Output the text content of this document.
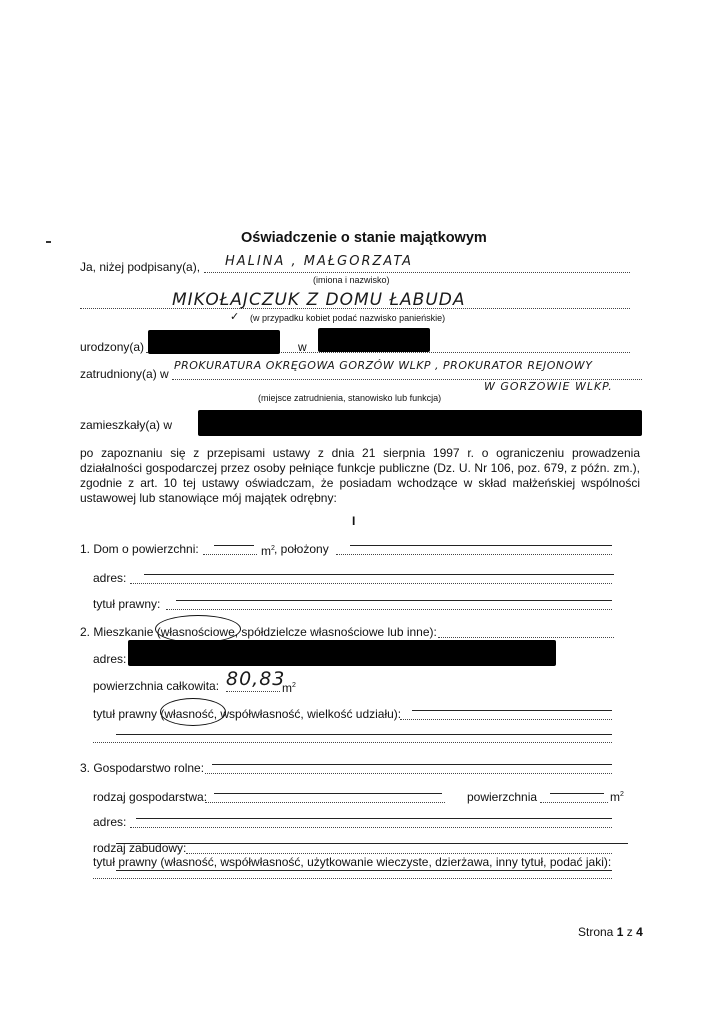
Oświadczenie o stanie majątkowym
Ja, niżej podpisany(a), HALINA , MAŁGORZATA
(imiona i nazwisko)
MIKOŁAJCZUK Z DOMU ŁABUDA
✓ (w przypadku kobiet podać nazwisko panieńskie)
urodzony(a)	w
zatrudniony(a) w
PROKURATURA OKRĘGOWA GORZÓW WLKP , PROKURATOR REJONOWY
W GORZOWIE WLKP.
(miejsce zatrudnienia, stanowisko lub funkcja)
zamieszkały(a) w
po zapoznaniu się z przepisami ustawy z dnia 21 sierpnia 1997 r. o ograniczeniu prowadzenia działalności gospodarczej przez osoby pełniące funkcje publiczne (Dz. U. Nr 106, poz. 679, z późn. zm.), zgodnie z art. 10 tej ustawy oświadczam, że posiadam wchodzące w skład małżeńskiej wspólności ustawowej lub stanowiące mój majątek odrębny:
I
1. Dom o powierzchni:	$m^2$ , położony
adres:
tytuł prawny:
2. Mieszkanie (własnościowe, spółdzielcze własnościowe lub inne):
adres:
powierzchnia całkowita: 80,83
$m^2$
tytuł prawny (własność, współwłasność, wielkość udziału):
3. Gospodarstwo rolne:
rodzaj gospodarstwa:	powierzchnia	$m^2$
adres:
rodzaj zabudowy:
tytuł prawny (własność, współwłasność, użytkowanie wieczyste, dzierżawa, inny tytuł, podać jaki):
Strona 1 z 4
